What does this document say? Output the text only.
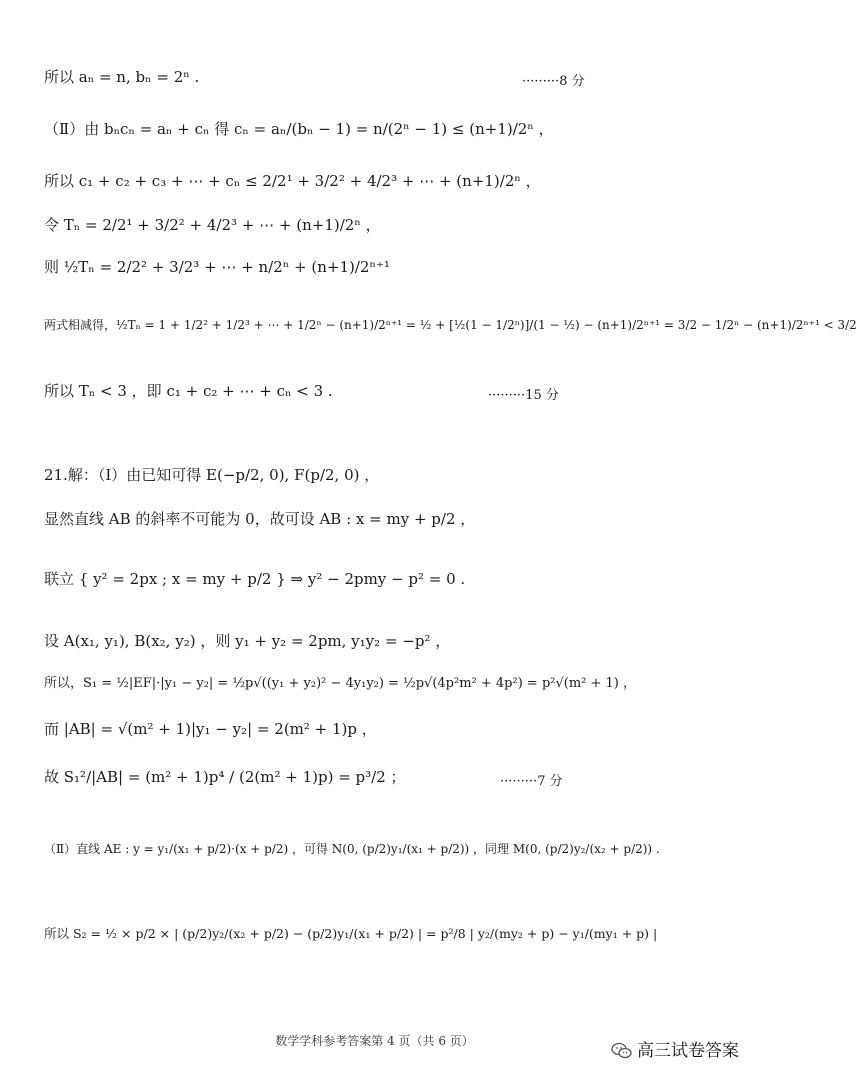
所以 aₙ = n, bₙ = 2ⁿ .	·········8 分
（Ⅱ）由 bₙcₙ = aₙ + cₙ 得 cₙ = aₙ/(bₙ − 1) = n/(2ⁿ − 1) ≤ (n+1)/2ⁿ ，
所以 c₁ + c₂ + c₃ + ⋯ + cₙ ≤ 2/2¹ + 3/2² + 4/2³ + ⋯ + (n+1)/2ⁿ ，
令 Tₙ = 2/2¹ + 3/2² + 4/2³ + ⋯ + (n+1)/2ⁿ ，
则 ½Tₙ = 2/2² + 3/2³ + ⋯ + n/2ⁿ + (n+1)/2ⁿ⁺¹
两式相减得，½Tₙ = 1 + 1/2² + 1/2³ + ⋯ + 1/2ⁿ − (n+1)/2ⁿ⁺¹ = ½ + [½(1 − 1/2ⁿ)]/(1 − ½) − (n+1)/2ⁿ⁺¹ = 3/2 − 1/2ⁿ − (n+1)/2ⁿ⁺¹ < 3/2
所以 Tₙ < 3 ，即 c₁ + c₂ + ⋯ + cₙ < 3 .	·········15 分
21.解：（Ⅰ）由已知可得 E(−p/2, 0), F(p/2, 0) ，
显然直线 AB 的斜率不可能为 0，故可设 AB : x = my + p/2 ，
联立 { y² = 2px ; x = my + p/2 } ⇒ y² − 2pmy − p² = 0 .
设 A(x₁, y₁), B(x₂, y₂) ，则 y₁ + y₂ = 2pm, y₁y₂ = −p² ，
所以，S₁ = ½|EF|·|y₁ − y₂| = ½p√((y₁ + y₂)² − 4y₁y₂) = ½p√(4p²m² + 4p²) = p²√(m² + 1) ，
而 |AB| = √(m² + 1)|y₁ − y₂| = 2(m² + 1)p ，
故 S₁²/|AB| = (m² + 1)p⁴ / (2(m² + 1)p) = p³/2 ；	·········7 分
（Ⅱ）直线 AE : y = y₁/(x₁ + p/2)·(x + p/2) ，可得 N(0, (p/2)y₁/(x₁ + p/2)) ，同理 M(0, (p/2)y₂/(x₂ + p/2)) .
所以 S₂ = ½ × p/2 × | (p/2)y₂/(x₂ + p/2) − (p/2)y₁/(x₁ + p/2) | = p²/8 | y₂/(my₂ + p) − y₁/(my₁ + p) |
数学学科参考答案第 4 页（共 6 页）	高三试卷答案
